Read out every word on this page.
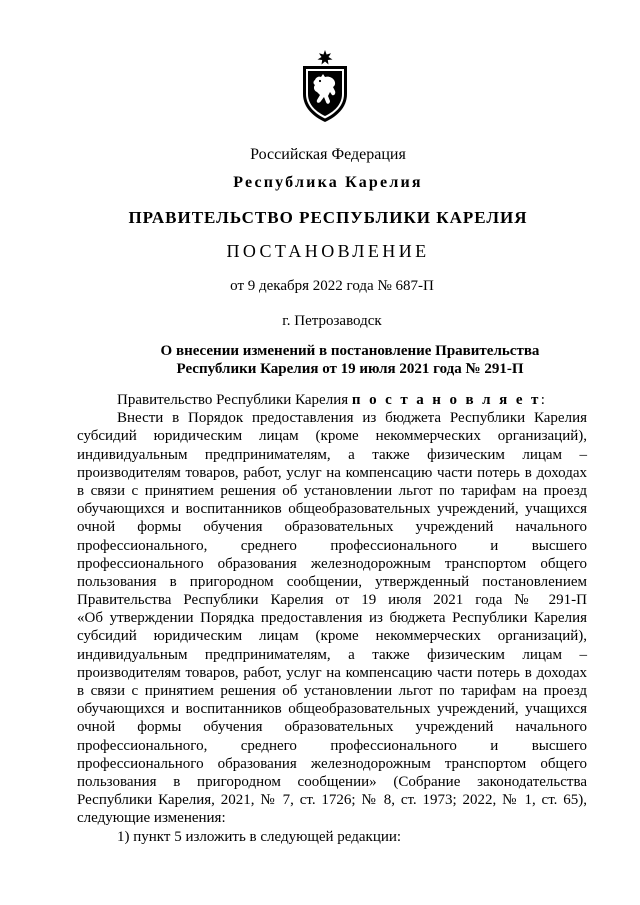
Российская Федерация
Республика Карелия
ПРАВИТЕЛЬСТВО РЕСПУБЛИКИ КАРЕЛИЯ
ПОСТАНОВЛЕНИЕ
от 9 декабря 2022 года № 687-П
г. Петрозаводск
О внесении изменений в постановление Правительства
Республики Карелия от 19 июля 2021 года № 291-П
Правительство Республики Карелия п о с т а н о в л я е т:
Внести в Порядок предоставления из бюджета Республики Карелия
субсидий юридическим лицам (кроме некоммерческих организаций),
индивидуальным предпринимателям, а также физическим лицам –
производителям товаров, работ, услуг на компенсацию части потерь в доходах
в связи с принятием решения об установлении льгот по тарифам на проезд
обучающихся и воспитанников общеобразовательных учреждений, учащихся
очной формы обучения образовательных учреждений начального
профессионального, среднего профессионального и высшего
профессионального образования железнодорожным транспортом общего
пользования в пригородном сообщении, утвержденный постановлением
Правительства Республики Карелия от 19 июля 2021 года № 291-П
«Об утверждении Порядка предоставления из бюджета Республики Карелия
субсидий юридическим лицам (кроме некоммерческих организаций),
индивидуальным предпринимателям, а также физическим лицам –
производителям товаров, работ, услуг на компенсацию части потерь в доходах
в связи с принятием решения об установлении льгот по тарифам на проезд
обучающихся и воспитанников общеобразовательных учреждений, учащихся
очной формы обучения образовательных учреждений начального
профессионального, среднего профессионального и высшего
профессионального образования железнодорожным транспортом общего
пользования в пригородном сообщении» (Собрание законодательства
Республики Карелия, 2021, № 7, ст. 1726; № 8, ст. 1973; 2022, № 1, ст. 65),
следующие изменения:
1) пункт 5 изложить в следующей редакции:
